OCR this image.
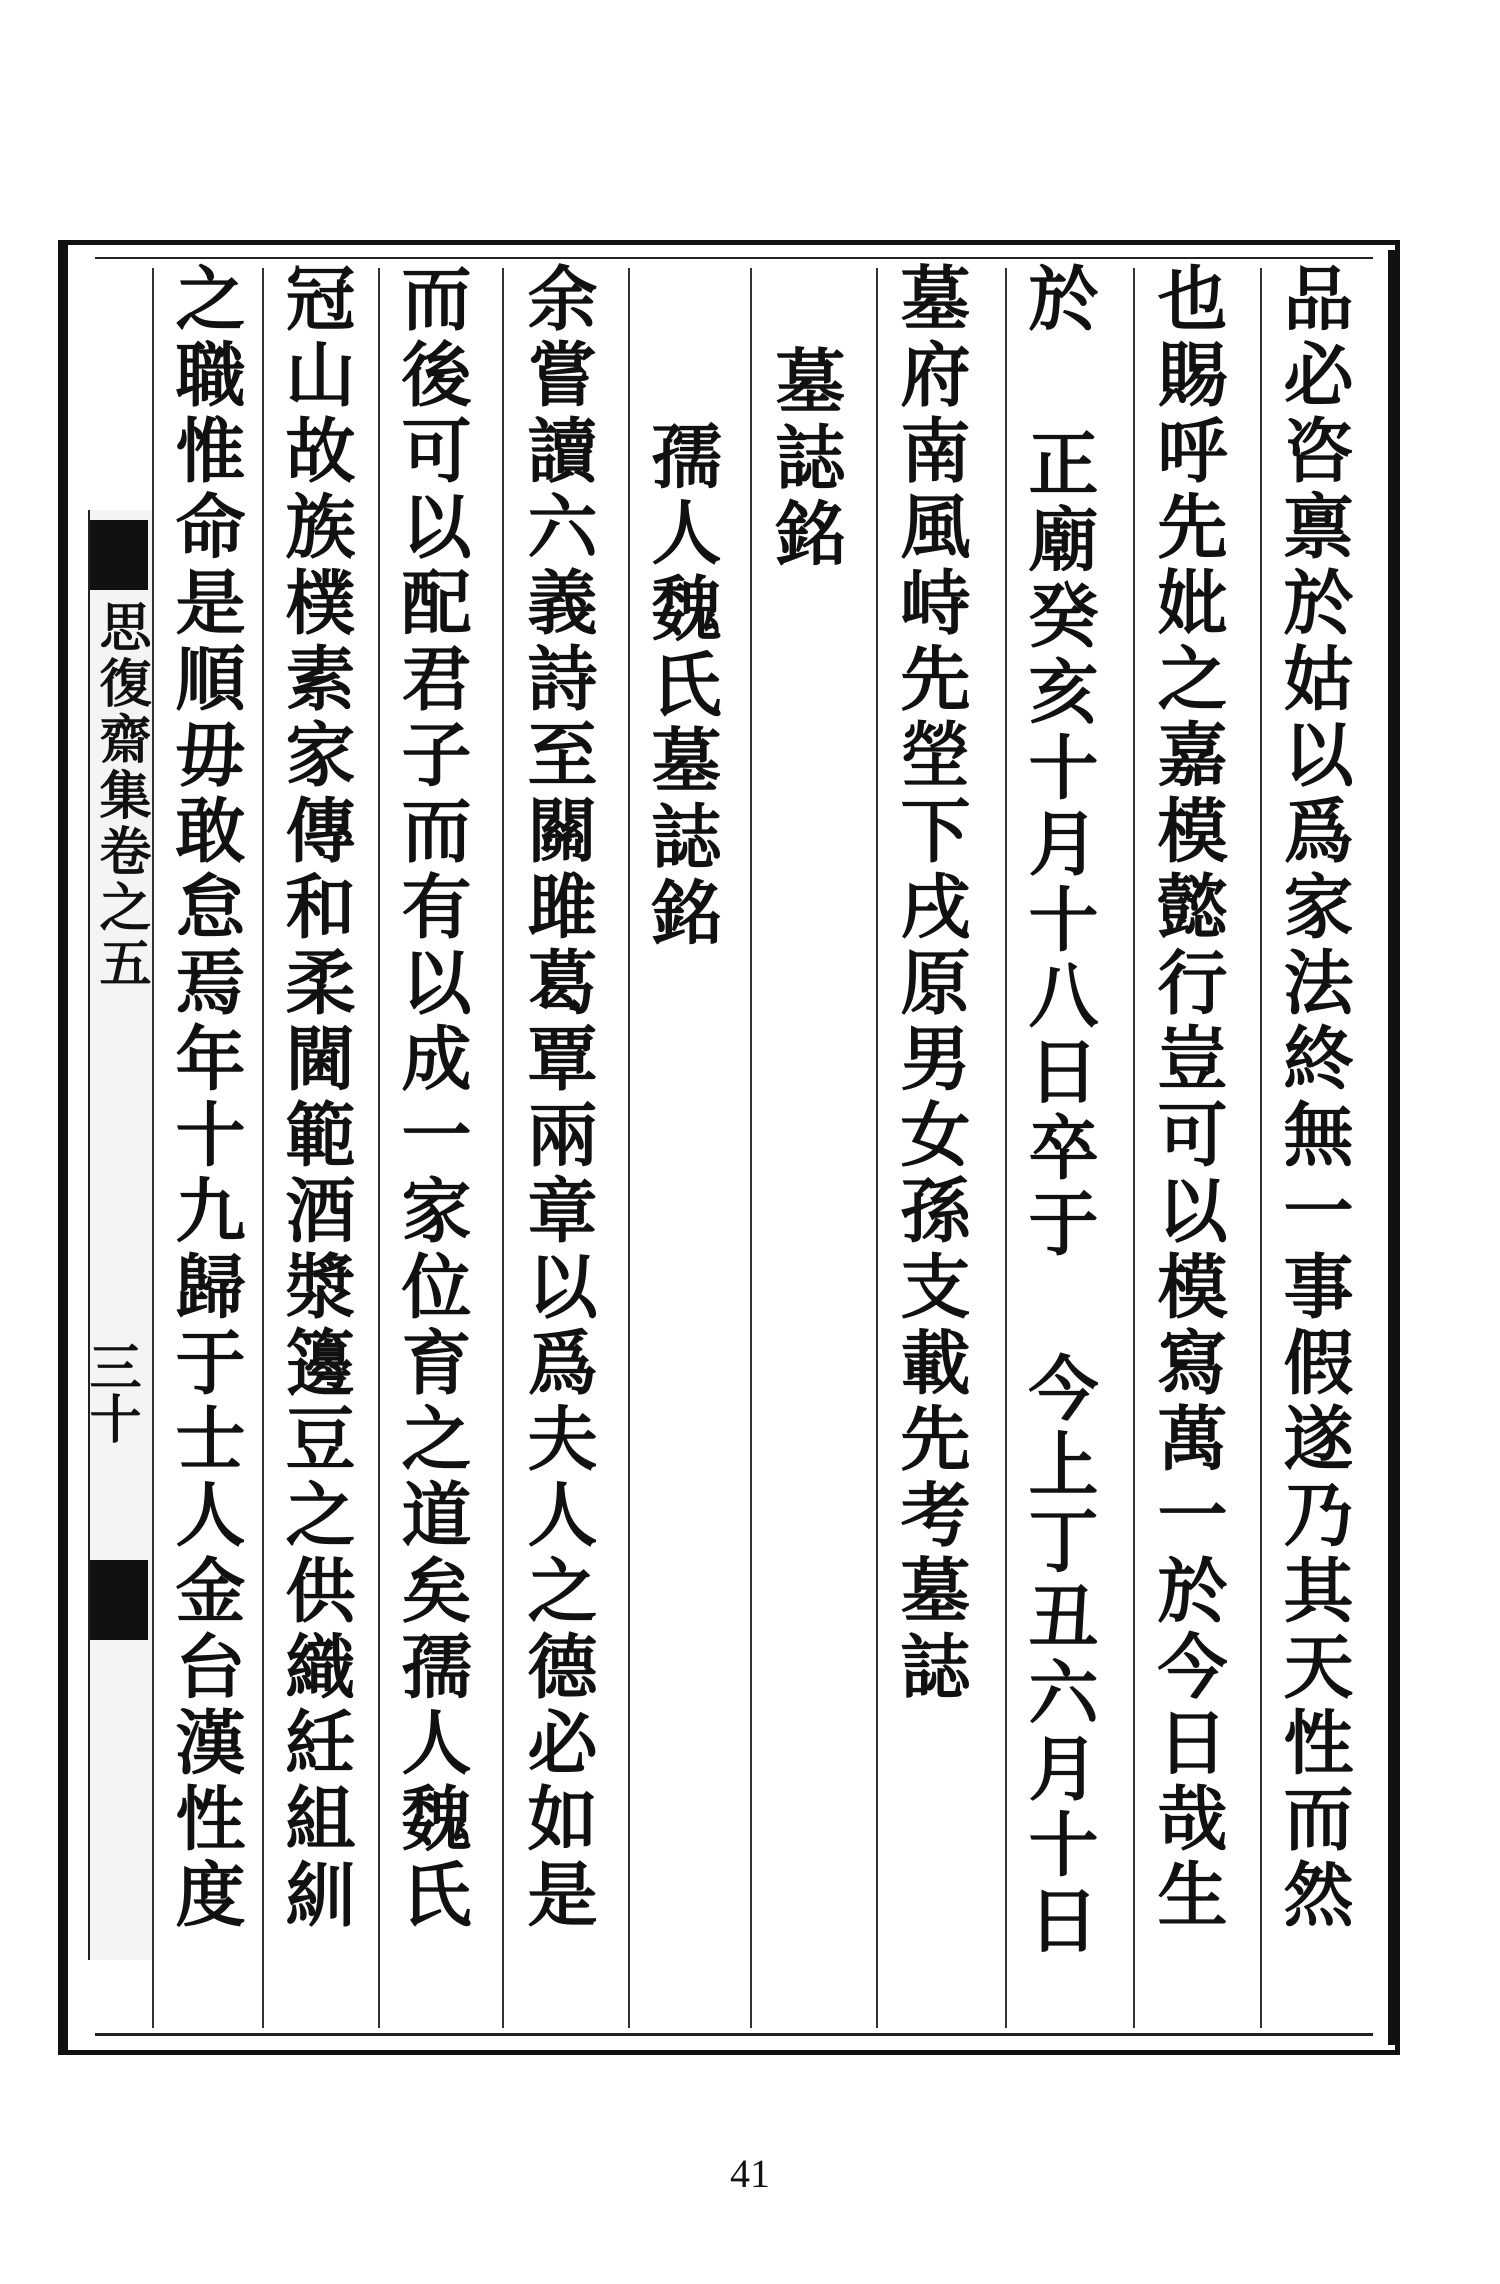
思復齋集卷之五
三十	品必咨禀於姑以爲家法終無一事假遂乃其天性而然
也賜呼先妣之嘉模懿行豈可以模寫萬一於今日哉生
於 正廟癸亥十月十八日卒于 今上丁丑六月十日
墓府南風峙先塋下戌原男女孫支載先考墓誌
墓誌銘
孺人魏氏墓誌銘
余嘗讀六義詩至關雎葛覃兩章以爲夫人之德必如是
而後可以配君子而有以成一家位育之道矣孺人魏氏
冠山故族樸素家傳和柔閫範酒漿籩豆之供織紝組紃
之職惟命是順毋敢怠焉年十九歸于士人金台漢性度
41
